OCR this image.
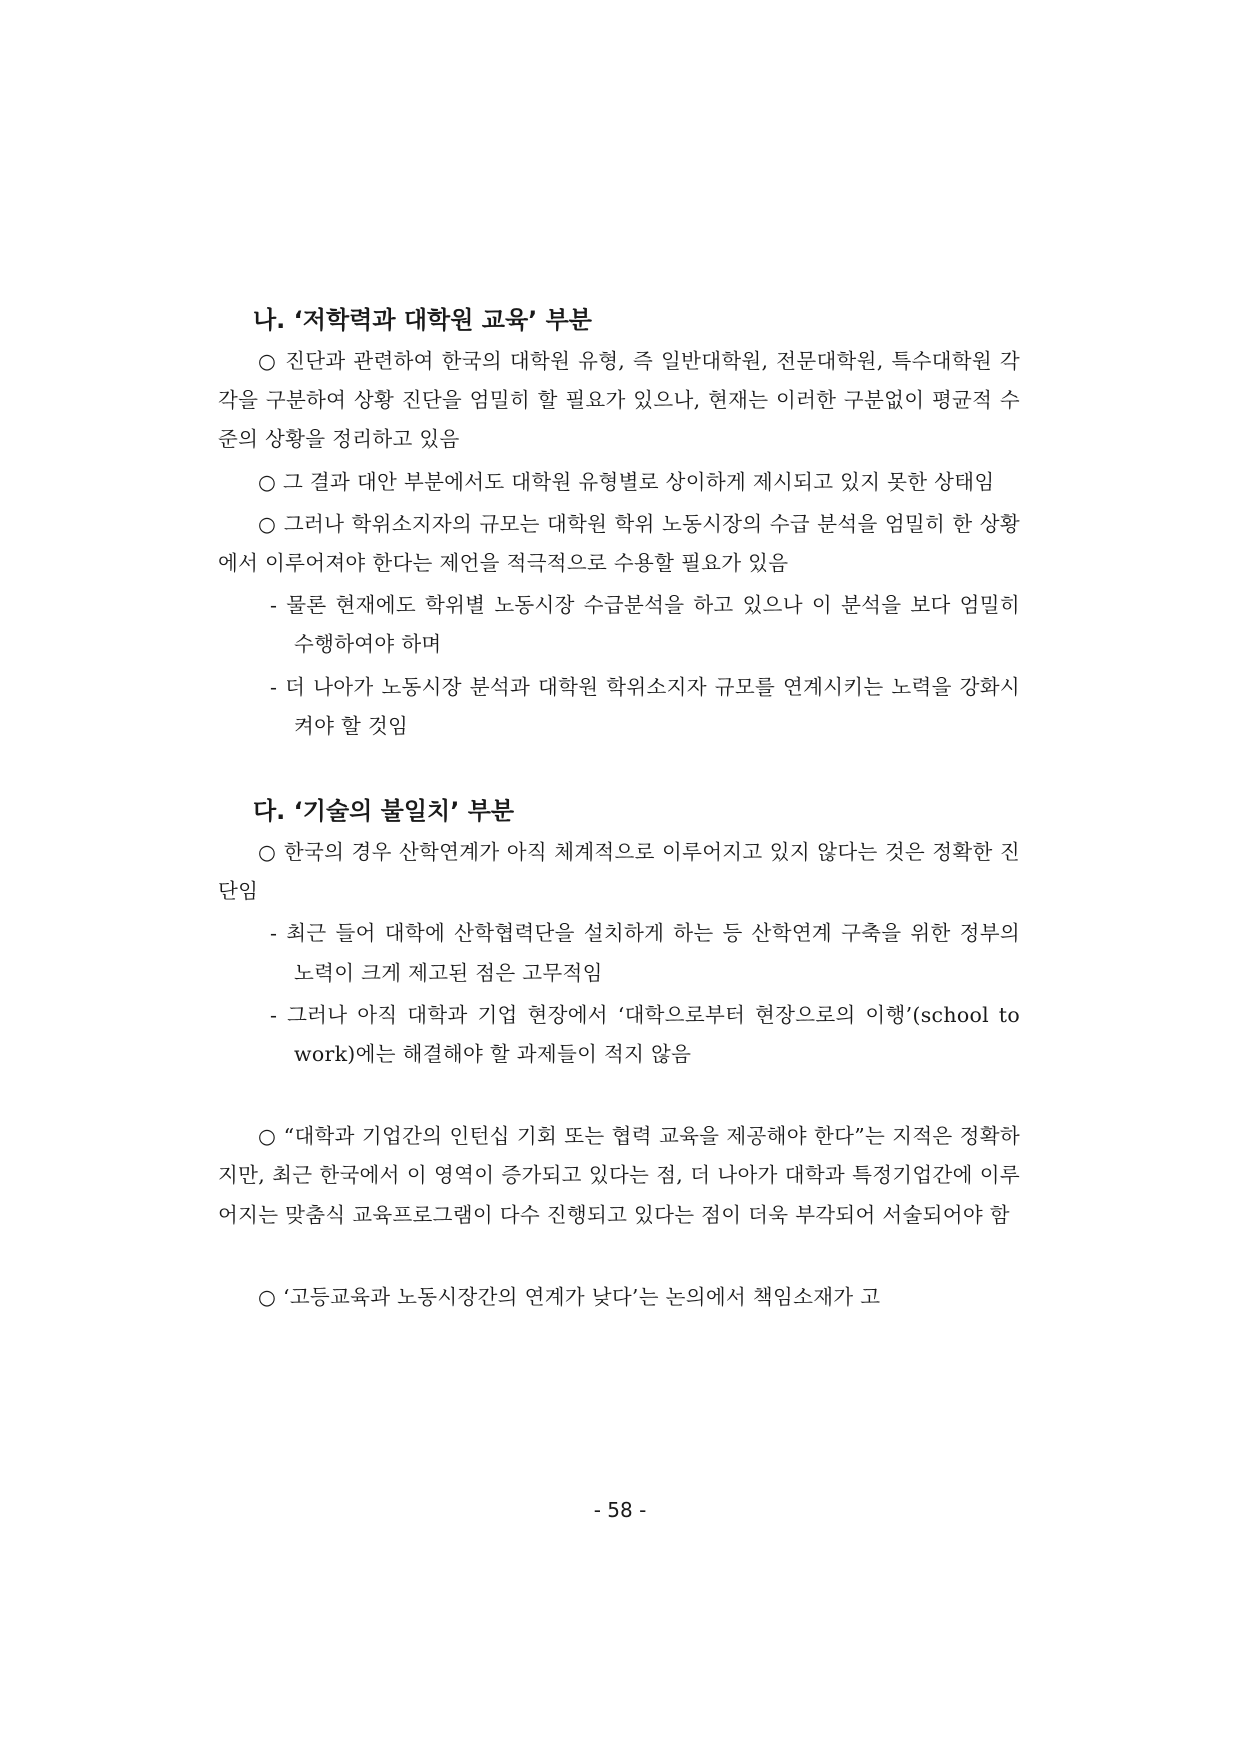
나. ‘저학력과 대학원 교육’ 부분
○ 진단과 관련하여 한국의 대학원 유형, 즉 일반대학원, 전문대학원, 특수대학원 각각을 구분하여 상황 진단을 엄밀히 할 필요가 있으나, 현재는 이러한 구분없이 평균적 수준의 상황을 정리하고 있음
○ 그 결과 대안 부분에서도 대학원 유형별로 상이하게 제시되고 있지 못한 상태임
○ 그러나 학위소지자의 규모는 대학원 학위 노동시장의 수급 분석을 엄밀히 한 상황에서 이루어져야 한다는 제언을 적극적으로 수용할 필요가 있음
- 물론 현재에도 학위별 노동시장 수급분석을 하고 있으나 이 분석을 보다 엄밀히 수행하여야 하며
- 더 나아가 노동시장 분석과 대학원 학위소지자 규모를 연계시키는 노력을 강화시켜야 할 것임
다. ‘기술의 불일치’ 부분
○ 한국의 경우 산학연계가 아직 체계적으로 이루어지고 있지 않다는 것은 정확한 진단임
- 최근 들어 대학에 산학협력단을 설치하게 하는 등 산학연계 구축을 위한 정부의 노력이 크게 제고된 점은 고무적임
- 그러나 아직 대학과 기업 현장에서 ‘대학으로부터 현장으로의 이행’(school to work)에는 해결해야 할 과제들이 적지 않음
○ “대학과 기업간의 인턴십 기회 또는 협력 교육을 제공해야 한다”는 지적은 정확하지만, 최근 한국에서 이 영역이 증가되고 있다는 점, 더 나아가 대학과 특정기업간에 이루어지는 맞춤식 교육프로그램이 다수 진행되고 있다는 점이 더욱 부각되어 서술되어야 함
○ ‘고등교육과 노동시장간의 연계가 낮다’는 논의에서 책임소재가 고
- 58 -
